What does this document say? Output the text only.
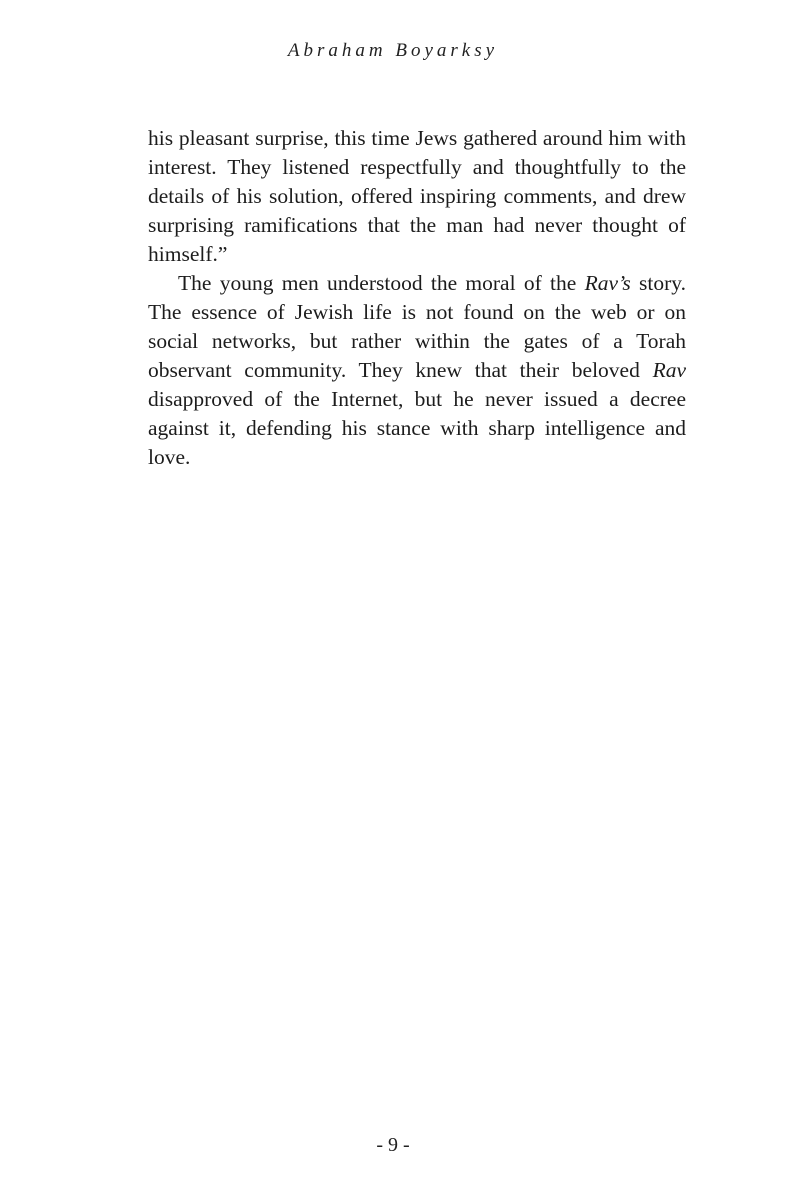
Abraham Boyarksy

his pleasant surprise, this time Jews gathered around him with interest. They listened respectfully and thoughtfully to the details of his solution, offered inspiring comments, and drew surprising ramifications that the man had never thought of himself.”

The young men understood the moral of the Rav’s story. The essence of Jewish life is not found on the web or on social networks, but rather within the gates of a Torah observant community. They knew that their beloved Rav disapproved of the Internet, but he never issued a decree against it, defending his stance with sharp intelligence and love.

- 9 -
